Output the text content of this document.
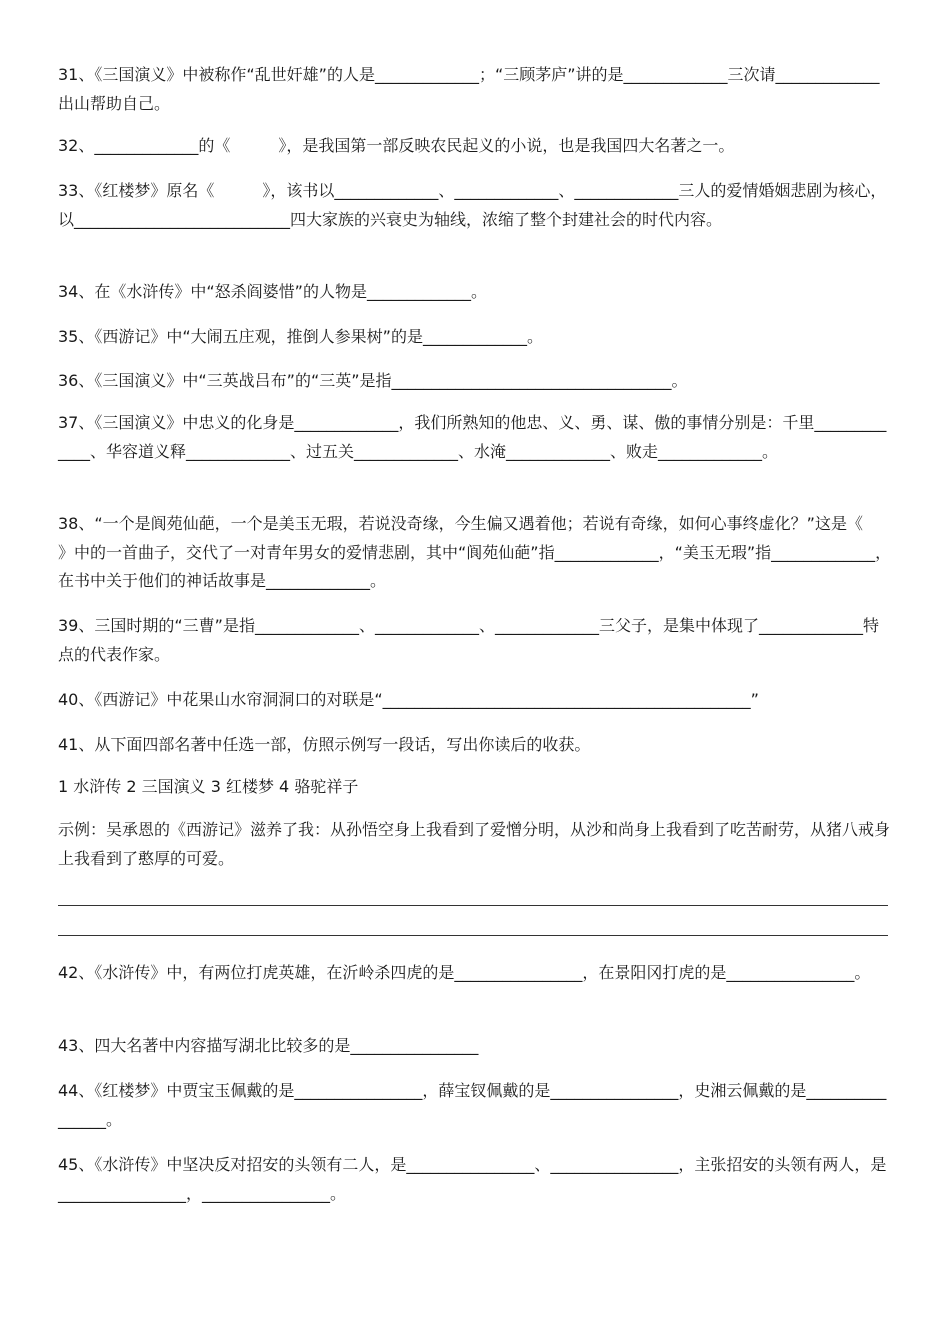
31、《三国演义》中被称作“乱世奸雄”的人是_____________；“三顾茅庐”讲的是_____________三次请_____________出山帮助自己。

32、_____________的《　　　》，是我国第一部反映农民起义的小说，也是我国四大名著之一。

33、《红楼梦》原名《　　　》，该书以_____________、_____________、_____________三人的爱情婚姻悲剧为核心，以___________________________四大家族的兴衰史为轴线，浓缩了整个封建社会的时代内容。

34、在《水浒传》中“怒杀阎婆惜”的人物是_____________。

35、《西游记》中“大闹五庄观，推倒人参果树”的是_____________。

36、《三国演义》中“三英战吕布”的“三英”是指___________________________________。

37、《三国演义》中忠义的化身是_____________，我们所熟知的他忠、义、勇、谋、傲的事情分别是：千里_____________、华容道义释_____________、过五关_____________、水淹_____________、败走_____________。

38、“一个是阆苑仙葩，一个是美玉无瑕，若说没奇缘，今生偏又遇着他；若说有奇缘，如何心事终虚化？”这是《　　》中的一首曲子，交代了一对青年男女的爱情悲剧，其中“阆苑仙葩”指_____________，“美玉无瑕”指_____________，在书中关于他们的神话故事是_____________。

39、三国时期的“三曹”是指_____________、_____________、_____________三父子，是集中体现了_____________特点的代表作家。

40、《西游记》中花果山水帘洞洞口的对联是“______________________________________________”

41、从下面四部名著中任选一部，仿照示例写一段话，写出你读后的收获。

1 水浒传 2 三国演义 3 红楼梦 4 骆驼祥子

示例：吴承恩的《西游记》滋养了我：从孙悟空身上我看到了爱憎分明，从沙和尚身上我看到了吃苦耐劳，从猪八戒身上我看到了憨厚的可爱。

42、《水浒传》中，有两位打虎英雄，在沂岭杀四虎的是________________，在景阳冈打虎的是________________。

43、四大名著中内容描写湖北比较多的是________________

44、《红楼梦》中贾宝玉佩戴的是________________，薛宝钗佩戴的是________________，史湘云佩戴的是________________。

45、《水浒传》中坚决反对招安的头领有二人，是________________、________________，主张招安的头领有两人，是________________，________________。
